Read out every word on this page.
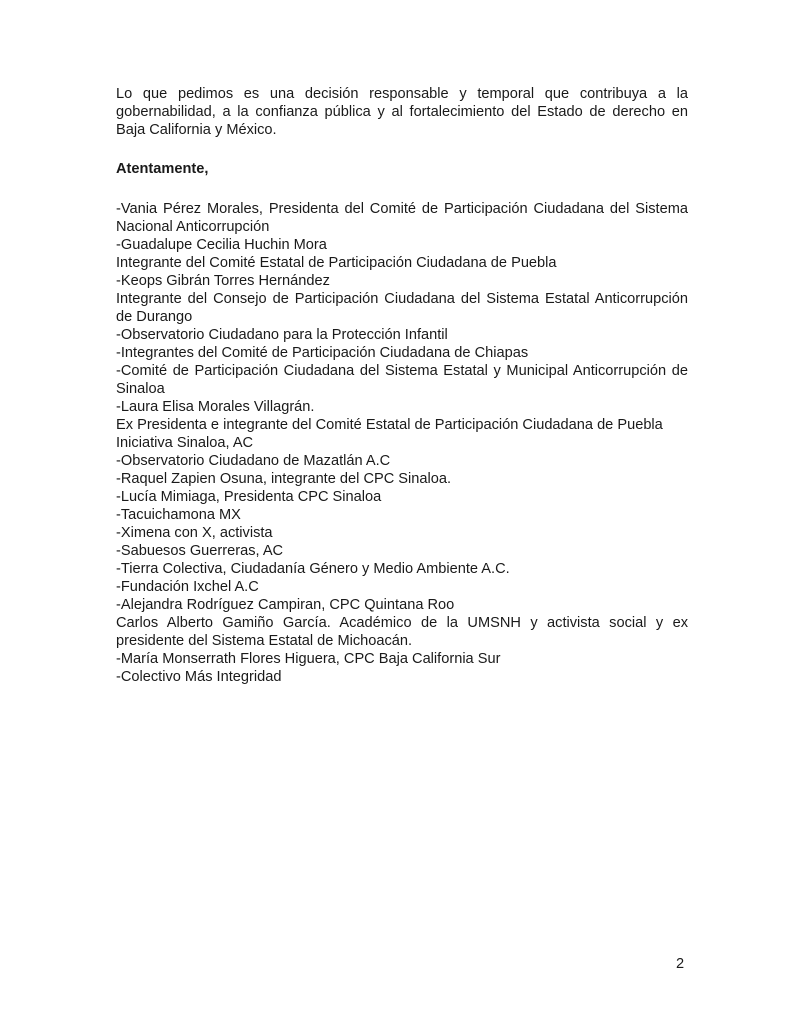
Lo que pedimos es una decisión responsable y temporal que contribuya a la gobernabilidad, a la confianza pública y al fortalecimiento del Estado de derecho en Baja California y México.

Atentamente,

-Vania Pérez Morales, Presidenta del Comité de Participación Ciudadana del Sistema Nacional Anticorrupción

-Guadalupe Cecilia Huchin Mora

Integrante del Comité Estatal de Participación Ciudadana de Puebla

-Keops Gibrán Torres Hernández

Integrante del Consejo de Participación Ciudadana del Sistema Estatal Anticorrupción de Durango

-Observatorio Ciudadano para la Protección Infantil

-Integrantes del Comité de Participación Ciudadana de Chiapas

-Comité de Participación Ciudadana del Sistema Estatal y Municipal Anticorrupción de Sinaloa

-Laura Elisa Morales Villagrán.

Ex Presidenta e integrante del Comité Estatal de Participación Ciudadana de Puebla

Iniciativa Sinaloa, AC

-Observatorio Ciudadano de Mazatlán A.C

-Raquel Zapien Osuna, integrante del CPC Sinaloa.

-Lucía Mimiaga, Presidenta CPC Sinaloa

-Tacuichamona MX

-Ximena con X, activista

-Sabuesos Guerreras, AC

-Tierra Colectiva, Ciudadanía Género y Medio Ambiente A.C.

-Fundación Ixchel A.C

-Alejandra Rodríguez Campiran, CPC Quintana Roo

Carlos Alberto Gamiño García. Académico de la UMSNH y activista social y ex presidente del Sistema Estatal de Michoacán.

-María Monserrath Flores Higuera, CPC Baja California Sur

-Colectivo Más Integridad

2
